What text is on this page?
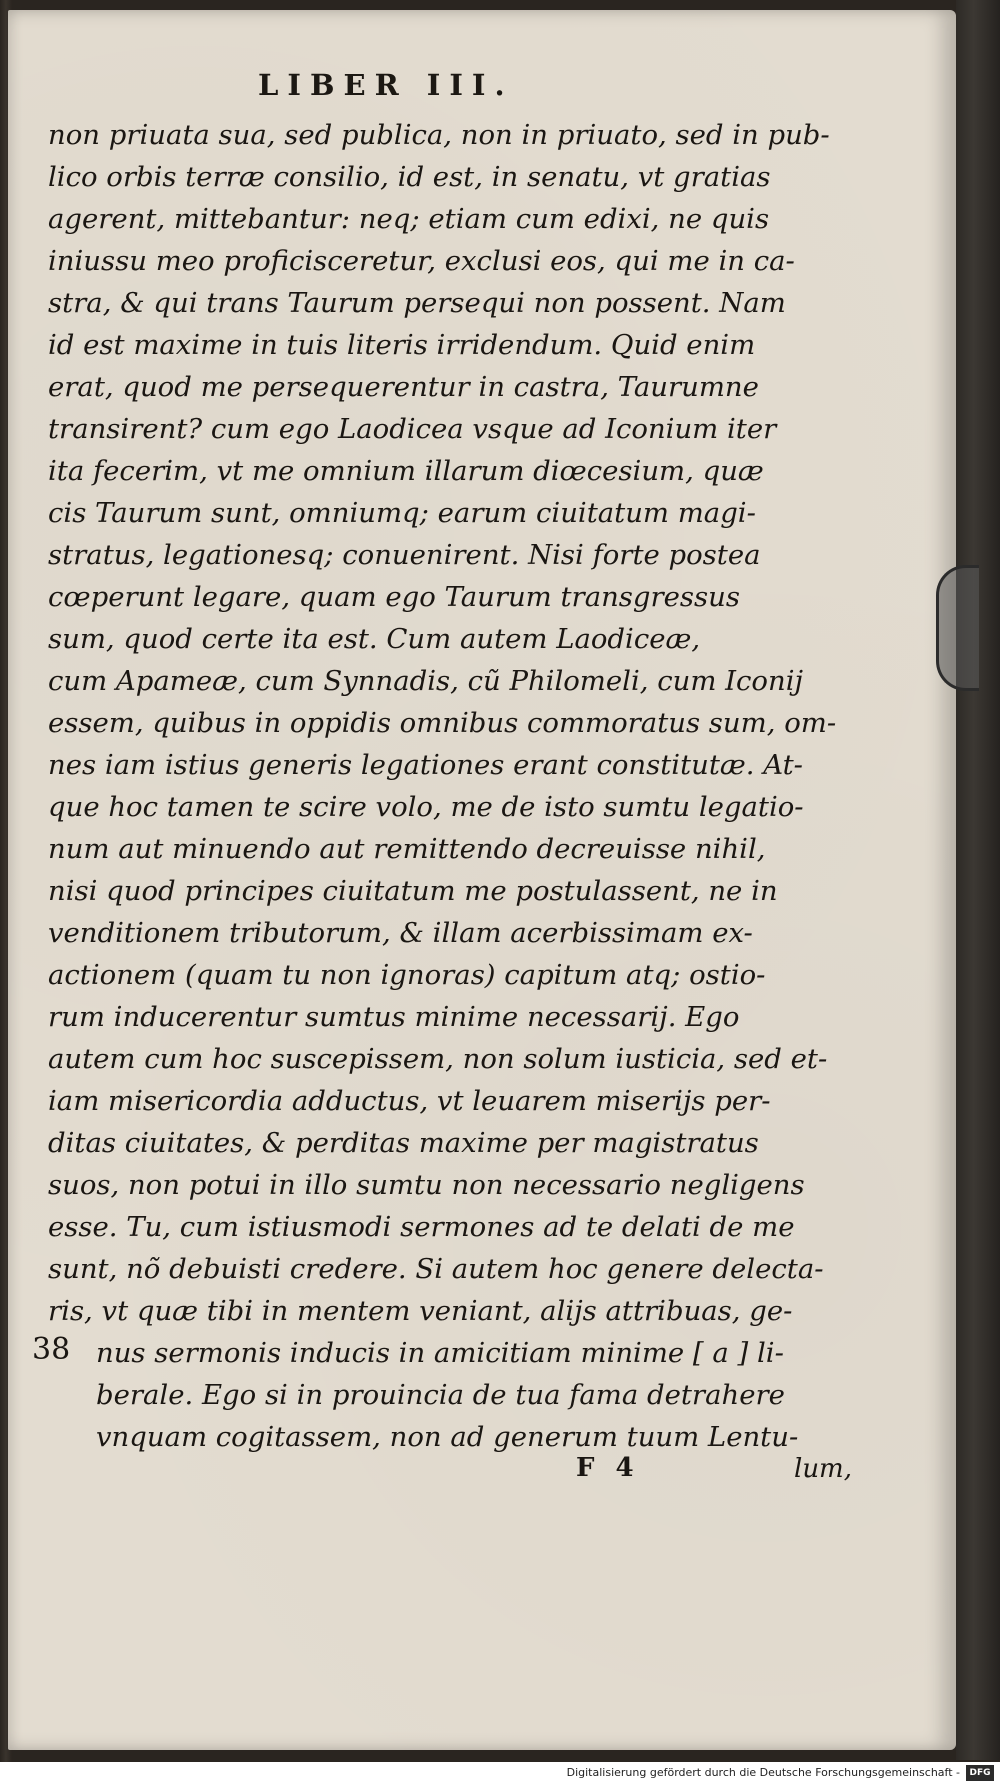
LIBER III.
non priuata sua, sed publica, non in priuato, sed in pub-
lico orbis terræ consilio, id est, in senatu, vt gratias
agerent, mittebantur: neq; etiam cum edixi, ne quis
iniussu meo proficisceretur, exclusi eos, qui me in ca-
stra, & qui trans Taurum persequi non possent. Nam
id est maxime in tuis literis irridendum. Quid enim
erat, quod me persequerentur in castra, Taurumne
transirent? cum ego Laodicea vsque ad Iconium iter
ita fecerim, vt me omnium illarum diœcesium, quæ
cis Taurum sunt, omniumq; earum ciuitatum magi-
stratus, legationesq; conuenirent. Nisi forte postea
cœperunt legare, quam ego Taurum transgressus
sum, quod certe ita est. Cum autem Laodiceæ,
cum Apameæ, cum Synnadis, cũ Philomeli, cum Iconij
essem, quibus in oppidis omnibus commoratus sum, om-
nes iam istius generis legationes erant constitutæ. At-
que hoc tamen te scire volo, me de isto sumtu legatio-
num aut minuendo aut remittendo decreuisse nihil,
nisi quod principes ciuitatum me postulassent, ne in
venditionem tributorum, & illam acerbissimam ex-
actionem (quam tu non ignoras) capitum atq; ostio-
rum inducerentur sumtus minime necessarij. Ego
autem cum hoc suscepissem, non solum iusticia, sed et-
iam misericordia adductus, vt leuarem miserijs per-
ditas ciuitates, & perditas maxime per magistratus
suos, non potui in illo sumtu non necessario negligens
esse. Tu, cum istiusmodi sermones ad te delati de me
sunt, nõ debuisti credere. Si autem hoc genere delecta-
ris, vt quæ tibi in mentem veniant, alijs attribuas, ge-
nus sermonis inducis in amicitiam minime [ a ] li-
berale. Ego si in prouincia de tua fama detrahere
vnquam cogitassem, non ad generum tuum Lentu-
38
F 4	lum,
Digitalisierung gefördert durch die Deutsche Forschungsgemeinschaft -	DFG
